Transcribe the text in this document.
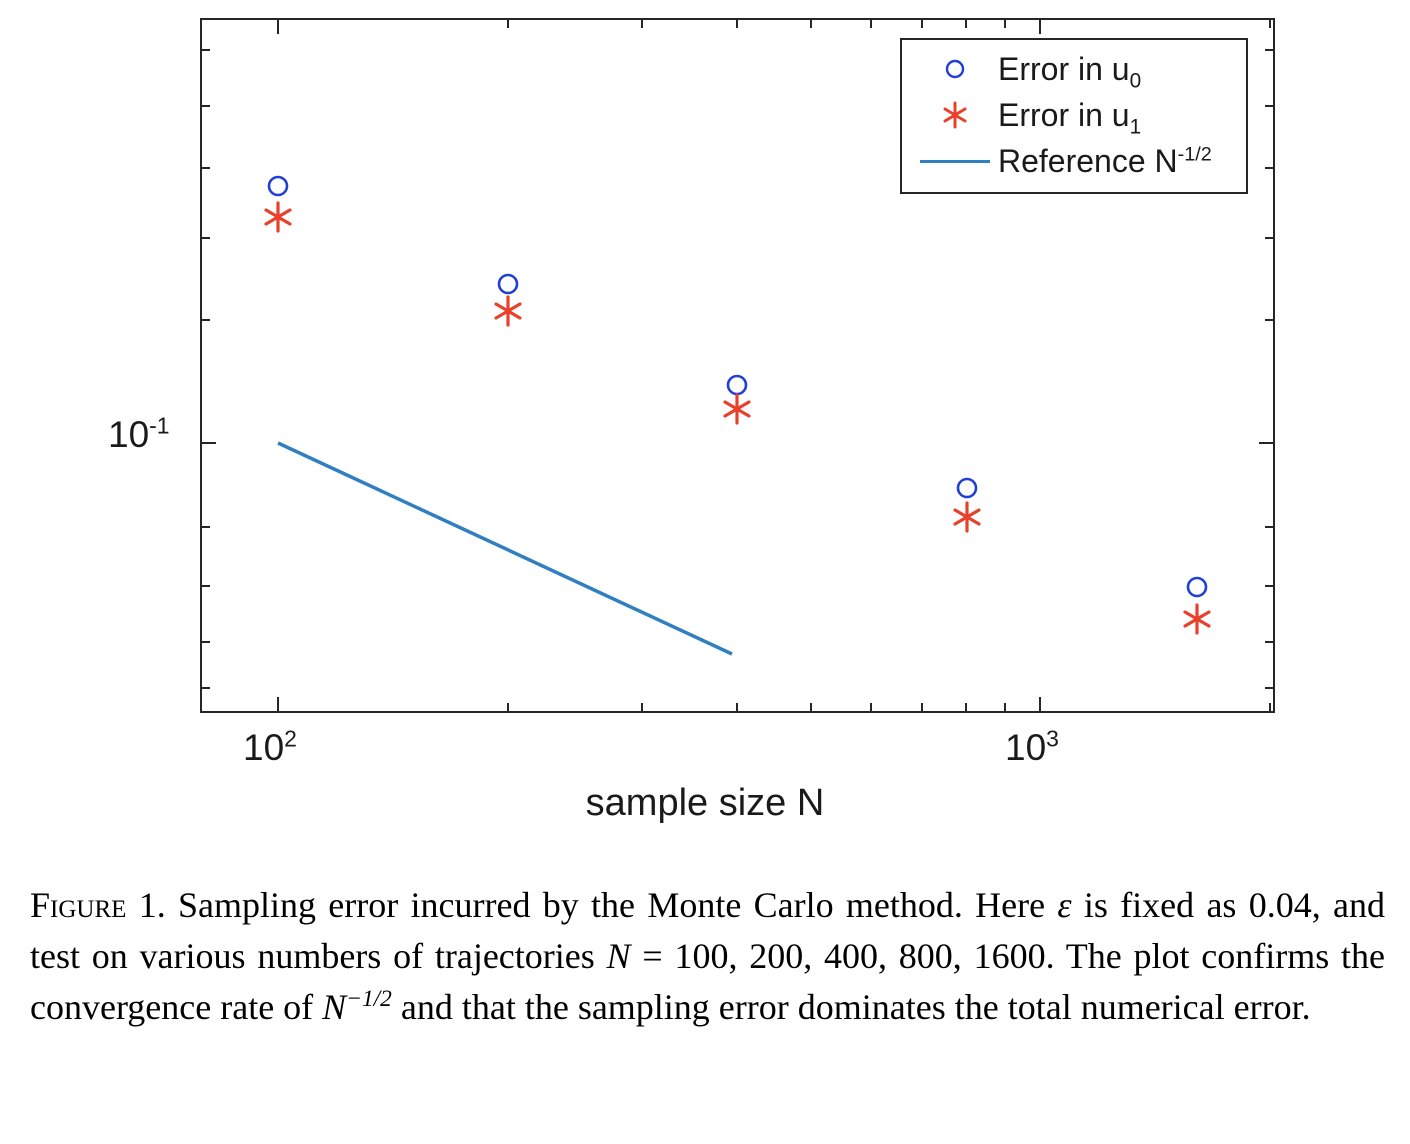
Error in $u_0$
Error in $u_1$
Reference $N^{-1/2}$
$10^{-1}$
$10^2$	$10^3$
sample size N
Figure 1. Sampling error incurred by the Monte Carlo method. Here ε is fixed as 0.04, and test on various numbers of trajectories N = 100, 200, 400, 800, 1600. The plot confirms the convergence rate of $N^{-1/2}$ and that the sampling error dominates the total numerical error.
